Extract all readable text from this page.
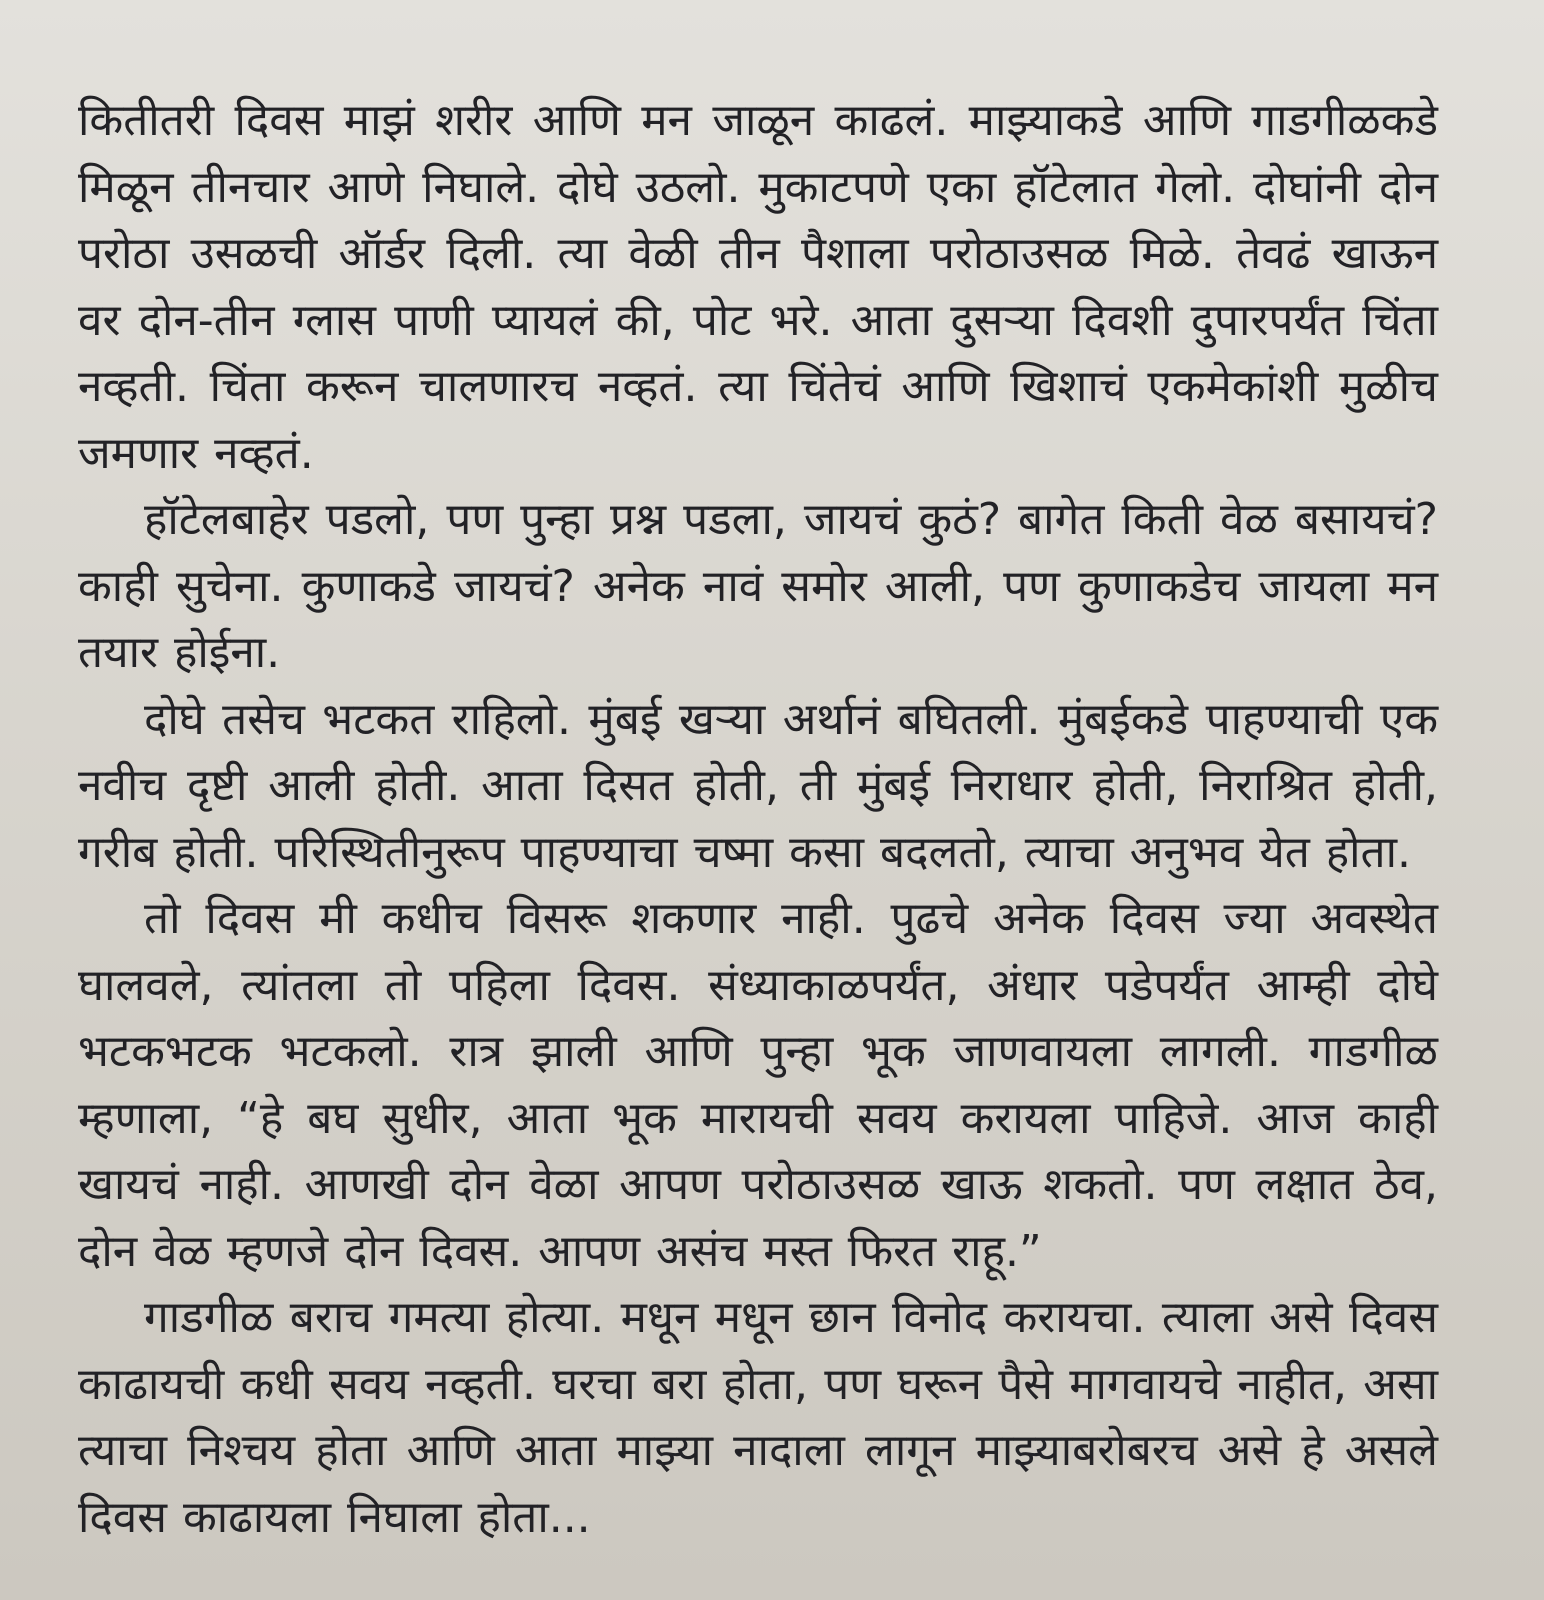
कितीतरी दिवस माझं शरीर आणि मन जाळून काढलं. माझ्याकडे आणि गाडगीळकडे मिळून तीनचार आणे निघाले. दोघे उठलो. मुकाटपणे एका हॉटेलात गेलो. दोघांनी दोन परोठा उसळची ऑर्डर दिली. त्या वेळी तीन पैशाला परोठाउसळ मिळे. तेवढं खाऊन वर दोन-तीन ग्लास पाणी प्यायलं की, पोट भरे. आता दुसऱ्या दिवशी दुपारपर्यंत चिंता नव्हती. चिंता करून चालणारच नव्हतं. त्या चिंतेचं आणि खिशाचं एकमेकांशी मुळीच जमणार नव्हतं.

हॉटेलबाहेर पडलो, पण पुन्हा प्रश्न पडला, जायचं कुठं? बागेत किती वेळ बसायचं? काही सुचेना. कुणाकडे जायचं? अनेक नावं समोर आली, पण कुणाकडेच जायला मन तयार होईना.

दोघे तसेच भटकत राहिलो. मुंबई खऱ्या अर्थानं बघितली. मुंबईकडे पाहण्याची एक नवीच दृष्टी आली होती. आता दिसत होती, ती मुंबई निराधार होती, निराश्रित होती, गरीब होती. परिस्थितीनुरूप पाहण्याचा चष्मा कसा बदलतो, त्याचा अनुभव येत होता.

तो दिवस मी कधीच विसरू शकणार नाही. पुढचे अनेक दिवस ज्या अवस्थेत घालवले, त्यांतला तो पहिला दिवस. संध्याकाळपर्यंत, अंधार पडेपर्यंत आम्ही दोघे भटकभटक भटकलो. रात्र झाली आणि पुन्हा भूक जाणवायला लागली. गाडगीळ म्हणाला, “हे बघ सुधीर, आता भूक मारायची सवय करायला पाहिजे. आज काही खायचं नाही. आणखी दोन वेळा आपण परोठाउसळ खाऊ शकतो. पण लक्षात ठेव, दोन वेळ म्हणजे दोन दिवस. आपण असंच मस्त फिरत राहू.”

गाडगीळ बराच गमत्या होत्या. मधून मधून छान विनोद करायचा. त्याला असे दिवस काढायची कधी सवय नव्हती. घरचा बरा होता, पण घरून पैसे मागवायचे नाहीत, असा त्याचा निश्चय होता आणि आता माझ्या नादाला लागून माझ्याबरोबरच असे हे असले दिवस काढायला निघाला होता...
